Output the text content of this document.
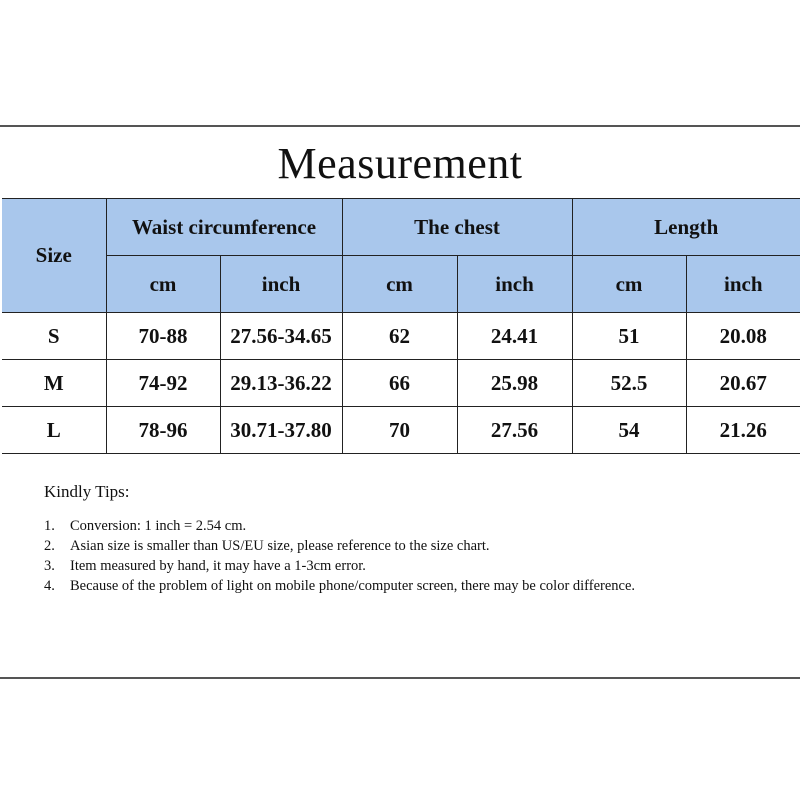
Measurement
Size	Waist circumference		The chest		Length	
	cm	inch	cm	inch	cm	inch
S	70-88	27.56-34.65	62	24.41	51	20.08
M	74-92	29.13-36.22	66	25.98	52.5	20.67
L	78-96	30.71-37.80	70	27.56	54	21.26
Kindly Tips:
1.	Conversion: 1 inch = 2.54 cm.
2.	Asian size is smaller than US/EU size, please reference to the size chart.
3.	Item measured by hand, it may have a 1-3cm error.
4.	Because of the problem of light on mobile phone/computer screen, there may be color difference.
